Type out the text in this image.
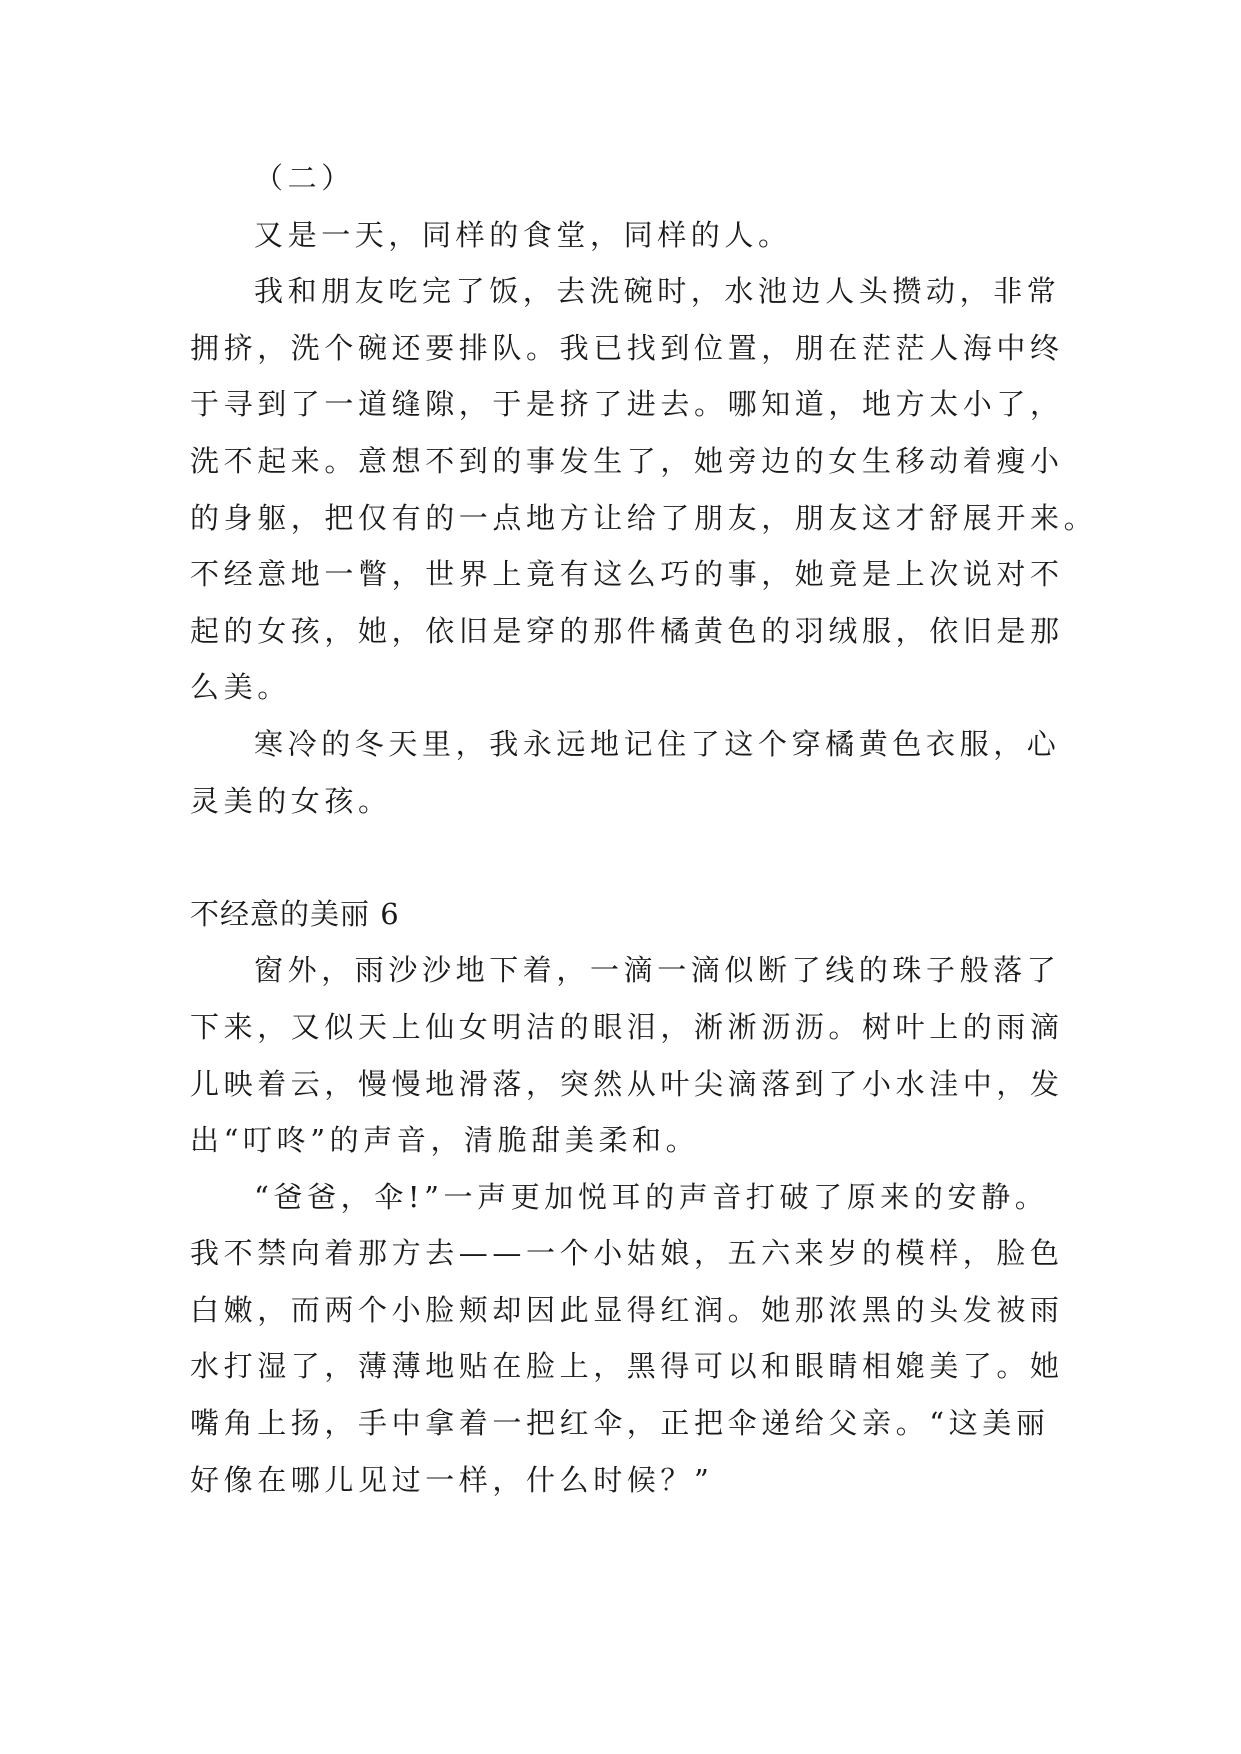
（二）

又是一天，同样的食堂，同样的人。

我和朋友吃完了饭，去洗碗时，水池边人头攒动，非常

拥挤，洗个碗还要排队。我已找到位置，朋在茫茫人海中终

于寻到了一道缝隙，于是挤了进去。哪知道，地方太小了，

洗不起来。意想不到的事发生了，她旁边的女生移动着瘦小

的身躯，把仅有的一点地方让给了朋友，朋友这才舒展开来。

不经意地一瞥，世界上竟有这么巧的事，她竟是上次说对不

起的女孩，她，依旧是穿的那件橘黄色的羽绒服，依旧是那

么美。

寒冷的冬天里，我永远地记住了这个穿橘黄色衣服，心

灵美的女孩。

不经意的美丽 6

窗外，雨沙沙地下着，一滴一滴似断了线的珠子般落了

下来，又似天上仙女明洁的眼泪，淅淅沥沥。树叶上的雨滴

儿映着云，慢慢地滑落，突然从叶尖滴落到了小水洼中，发

出“叮咚”的声音，清脆甜美柔和。

“爸爸，伞!”一声更加悦耳的声音打破了原来的安静。

我不禁向着那方去——一个小姑娘，五六来岁的模样，脸色

白嫩，而两个小脸颊却因此显得红润。她那浓黑的头发被雨

水打湿了，薄薄地贴在脸上，黑得可以和眼睛相媲美了。她

嘴角上扬，手中拿着一把红伞，正把伞递给父亲。“这美丽

好像在哪儿见过一样，什么时候？”
